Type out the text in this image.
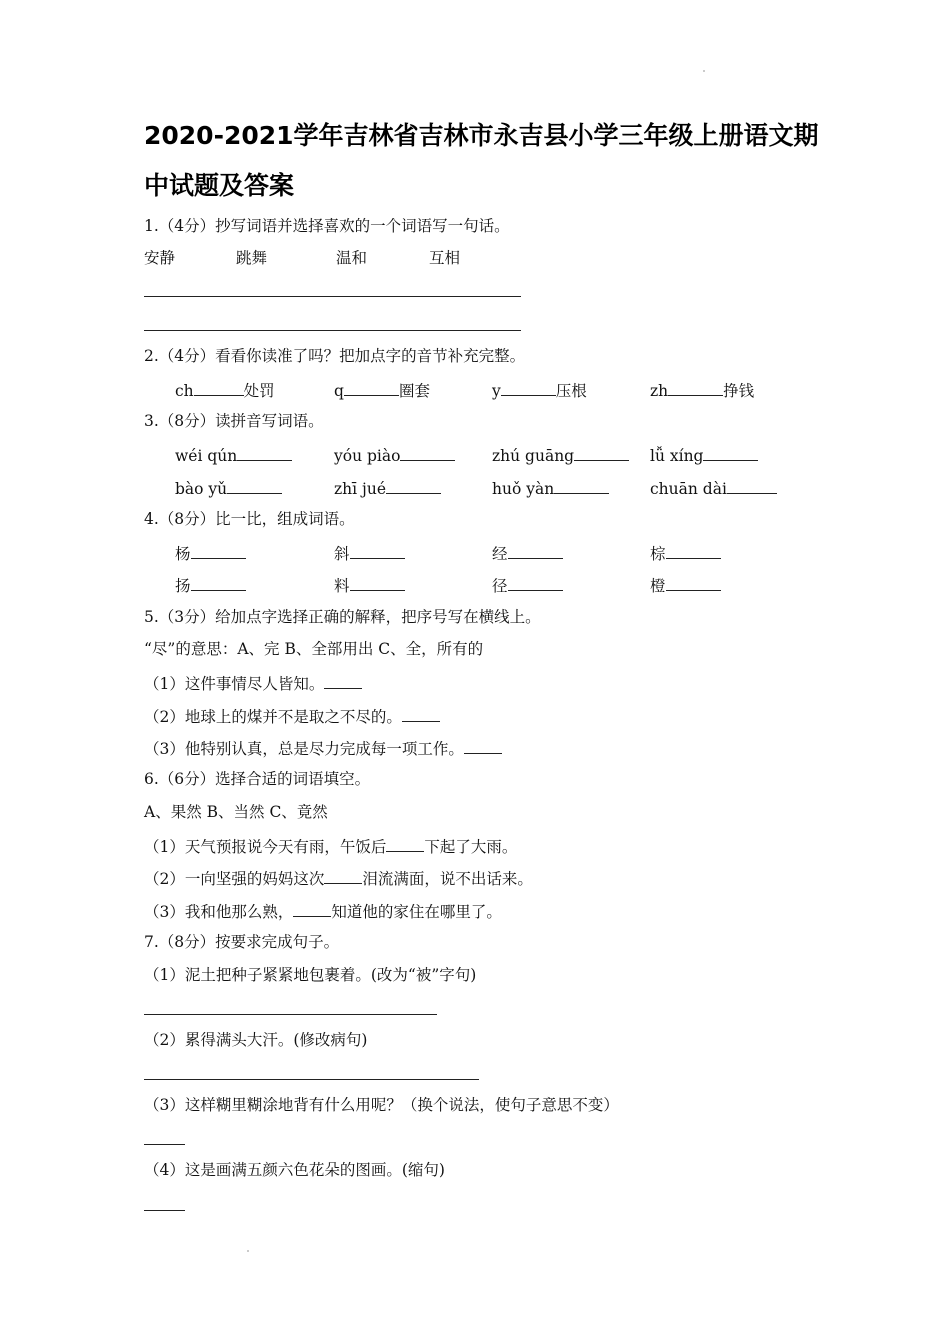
2020-2021学年吉林省吉林市永吉县小学三年级上册语文期
中试题及答案
1.（4分）抄写词语并选择喜欢的一个词语写一句话。
安静	跳舞	温和	互相
2.（4分）看看你读准了吗？把加点字的音节补充完整。
ch	处罚	q	圈套	y	压根	zh	挣钱
3.（8分）读拼音写词语。
wéi qún	yóu piào	zhú guāng	lǚ xíng
bào yǔ	zhī jué	huǒ yàn	chuān dài
4.（8分）比一比，组成词语。
杨	斜	经	棕
扬	料	径	橙
5.（3分）给加点字选择正确的解释，把序号写在横线上。
“尽”的意思：A、完 B、全部用出 C、全，所有的
（1）这件事情尽人皆知。
（2）地球上的煤并不是取之不尽的。
（3）他特别认真，总是尽力完成每一项工作。
6.（6分）选择合适的词语填空。
A、果然 B、当然 C、竟然
（1）天气预报说今天有雨，午饭后 下起了大雨。
（2）一向坚强的妈妈这次 泪流满面，说不出话来。
（3）我和他那么熟， 知道他的家住在哪里了。
7.（8分）按要求完成句子。
（1）泥土把种子紧紧地包裹着。(改为“被”字句)
（2）累得满头大汗。(修改病句)
（3）这样糊里糊涂地背有什么用呢？（换个说法，使句子意思不变）
（4）这是画满五颜六色花朵的图画。(缩句)
